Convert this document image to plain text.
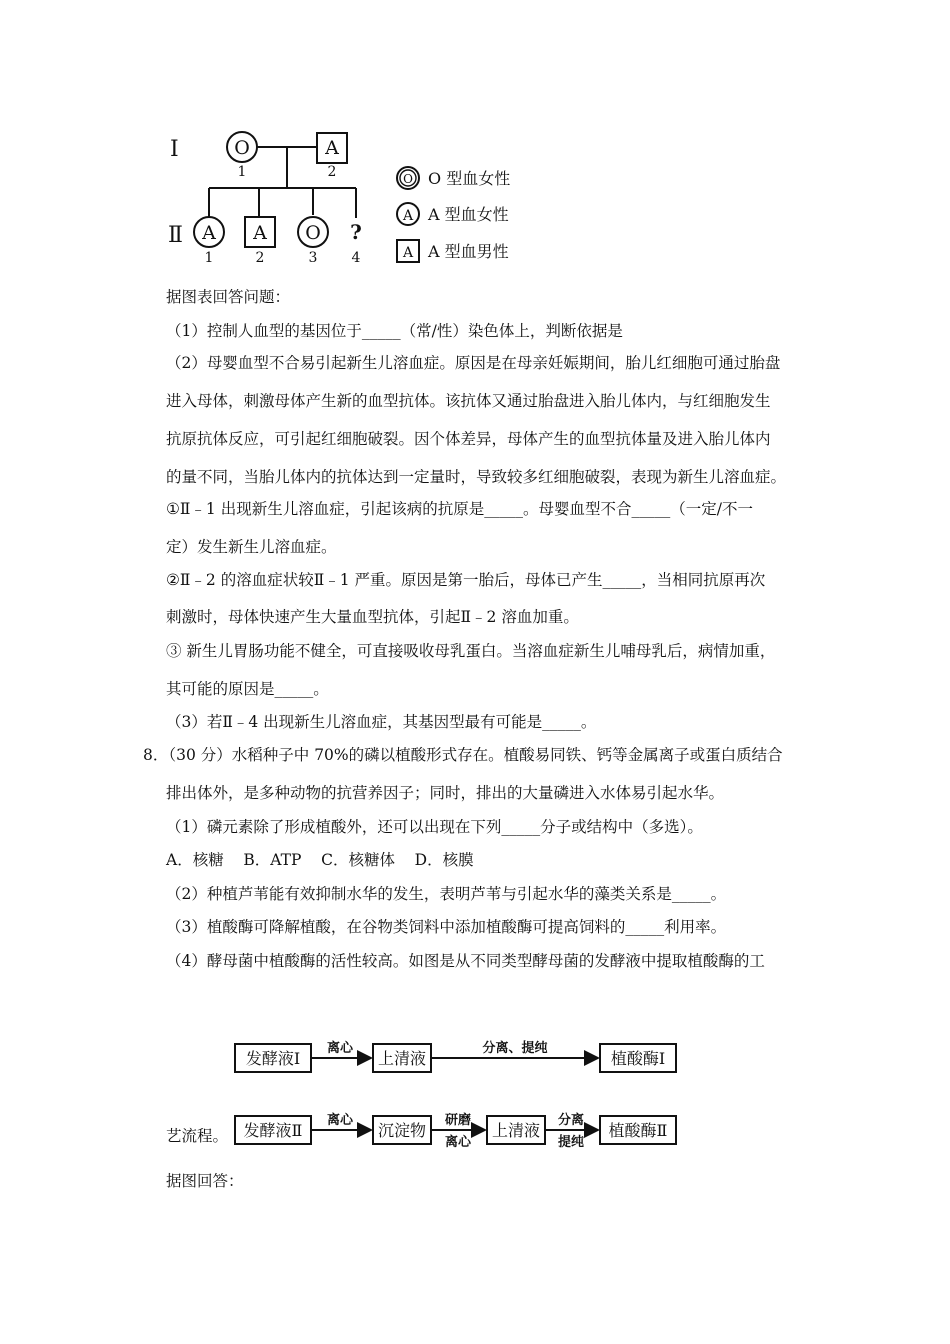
Ⅰ
Ⅱ
O
1
A
2
A
1
A
2
O
3
?
4
O O 型血女性
A A 型血女性
A A 型血男性
据图表回答问题：
（1）控制人血型的基因位于_____（常/性）染色体上，判断依据是
（2）母婴血型不合易引起新生儿溶血症。原因是在母亲妊娠期间，胎儿红细胞可通过胎盘
进入母体，刺激母体产生新的血型抗体。该抗体又通过胎盘进入胎儿体内，与红细胞发生
抗原抗体反应，可引起红细胞破裂。因个体差异，母体产生的血型抗体量及进入胎儿体内
的量不同，当胎儿体内的抗体达到一定量时，导致较多红细胞破裂，表现为新生儿溶血症。
①Ⅱ﹣1 出现新生儿溶血症，引起该病的抗原是_____。母婴血型不合_____（一定/不一
定）发生新生儿溶血症。
②Ⅱ﹣2 的溶血症状较Ⅱ﹣1 严重。原因是第一胎后，母体已产生_____，当相同抗原再次
刺激时，母体快速产生大量血型抗体，引起Ⅱ﹣2 溶血加重。
③ 新生儿胃肠功能不健全，可直接吸收母乳蛋白。当溶血症新生儿哺母乳后，病情加重，
其可能的原因是_____。
（3）若Ⅱ﹣4 出现新生儿溶血症，其基因型最有可能是_____。
8．（30 分）水稻种子中 70%的磷以植酸形式存在。植酸易同铁、钙等金属离子或蛋白质结合
排出体外，是多种动物的抗营养因子；同时，排出的大量磷进入水体易引起水华。
（1）磷元素除了形成植酸外，还可以出现在下列_____分子或结构中（多选）。
A．核糖    B．ATP    C．核糖体    D．核膜
（2）种植芦苇能有效抑制水华的发生，表明芦苇与引起水华的藻类关系是_____。
（3）植酸酶可降解植酸，在谷物类饲料中添加植酸酶可提高饲料的_____利用率。
（4）酵母菌中植酸酶的活性较高。如图是从不同类型酵母菌的发酵液中提取植酸酶的工
艺流程。
据图回答：
发酵液Ⅰ
离心
上清液
分离、提纯
植酸酶Ⅰ
发酵液Ⅱ
离心
沉淀物
研磨
离心
上清液
分离
提纯
植酸酶Ⅱ
